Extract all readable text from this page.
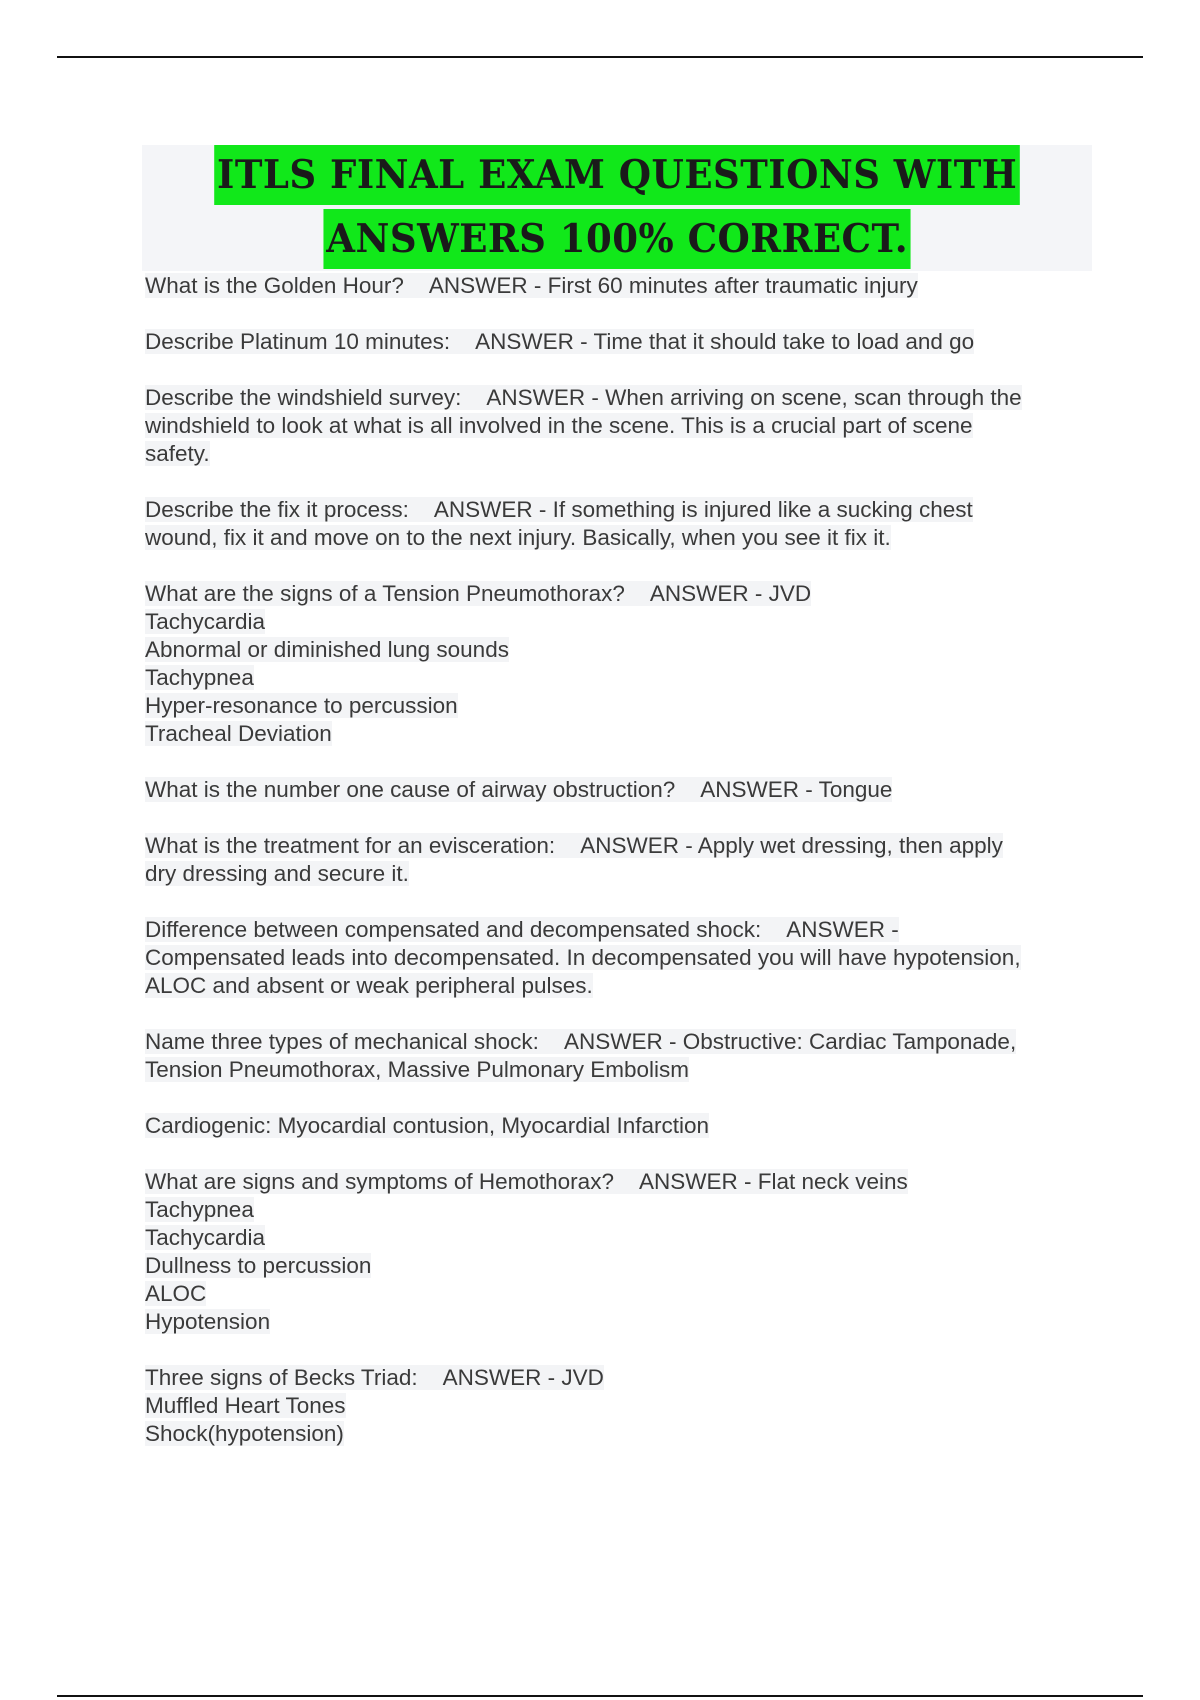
ITLS FINAL EXAM QUESTIONS WITH
ANSWERS 100% CORRECT.
What is the Golden Hour?    ANSWER - First 60 minutes after traumatic injury
Describe Platinum 10 minutes:    ANSWER - Time that it should take to load and go
Describe the windshield survey:    ANSWER - When arriving on scene, scan through the
windshield to look at what is all involved in the scene. This is a crucial part of scene
safety.
Describe the fix it process:    ANSWER - If something is injured like a sucking chest
wound, fix it and move on to the next injury. Basically, when you see it fix it.
What are the signs of a Tension Pneumothorax?    ANSWER - JVD
Tachycardia
Abnormal or diminished lung sounds
Tachypnea
Hyper-resonance to percussion
Tracheal Deviation
What is the number one cause of airway obstruction?    ANSWER - Tongue
What is the treatment for an evisceration:    ANSWER - Apply wet dressing, then apply
dry dressing and secure it.
Difference between compensated and decompensated shock:    ANSWER -
Compensated leads into decompensated. In decompensated you will have hypotension,
ALOC and absent or weak peripheral pulses.
Name three types of mechanical shock:    ANSWER - Obstructive: Cardiac Tamponade,
Tension Pneumothorax, Massive Pulmonary Embolism
Cardiogenic: Myocardial contusion, Myocardial Infarction
What are signs and symptoms of Hemothorax?    ANSWER - Flat neck veins
Tachypnea
Tachycardia
Dullness to percussion
ALOC
Hypotension
Three signs of Becks Triad:    ANSWER - JVD
Muffled Heart Tones
Shock(hypotension)
